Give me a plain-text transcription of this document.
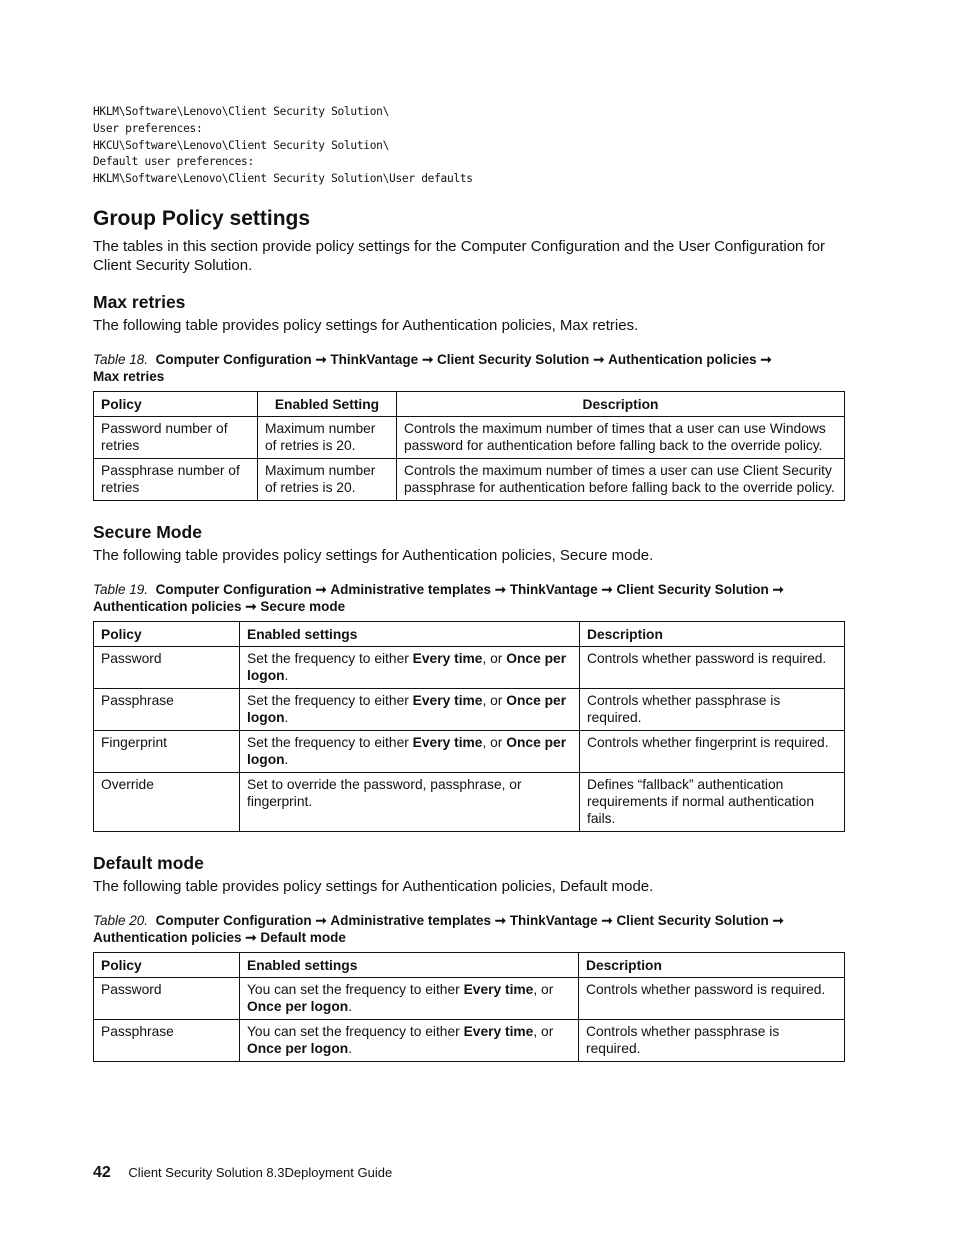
HKLM\Software\Lenovo\Client Security Solution\
User preferences:
HKCU\Software\Lenovo\Client Security Solution\
Default user preferences:
HKLM\Software\Lenovo\Client Security Solution\User defaults
Group Policy settings

The tables in this section provide policy settings for the Computer Configuration and the User Configuration for Client Security Solution.

Max retries

The following table provides policy settings for Authentication policies, Max retries.

Table 18. Computer Configuration ➞ ThinkVantage ➞ Client Security Solution ➞ Authentication policies ➞
Max retries

Policy	Enabled Setting	Description
Password number of retries	Maximum number of retries is 20.	Controls the maximum number of times that a user can use Windows password for authentication before falling back to the override policy.
Passphrase number of retries	Maximum number of retries is 20.	Controls the maximum number of times a user can use Client Security passphrase for authentication before falling back to the override policy.
Secure Mode

The following table provides policy settings for Authentication policies, Secure mode.

Table 19. Computer Configuration ➞ Administrative templates ➞ ThinkVantage ➞ Client Security Solution ➞
Authentication policies ➞ Secure mode

Policy	Enabled settings	Description
Password	Set the frequency to either Every time, or Once per logon.	Controls whether password is required.
Passphrase	Set the frequency to either Every time, or Once per logon.	Controls whether passphrase is required.
Fingerprint	Set the frequency to either Every time, or Once per logon.	Controls whether fingerprint is required.
Override	Set to override the password, passphrase, or fingerprint.	Defines “fallback” authentication requirements if normal authentication fails.
Default mode

The following table provides policy settings for Authentication policies, Default mode.

Table 20. Computer Configuration ➞ Administrative templates ➞ ThinkVantage ➞ Client Security Solution ➞
Authentication policies ➞ Default mode

Policy	Enabled settings	Description
Password	You can set the frequency to either Every time, or Once per logon.	Controls whether password is required.
Passphrase	You can set the frequency to either Every time, or Once per logon.	Controls whether passphrase is required.
42 Client Security Solution 8.3Deployment Guide
